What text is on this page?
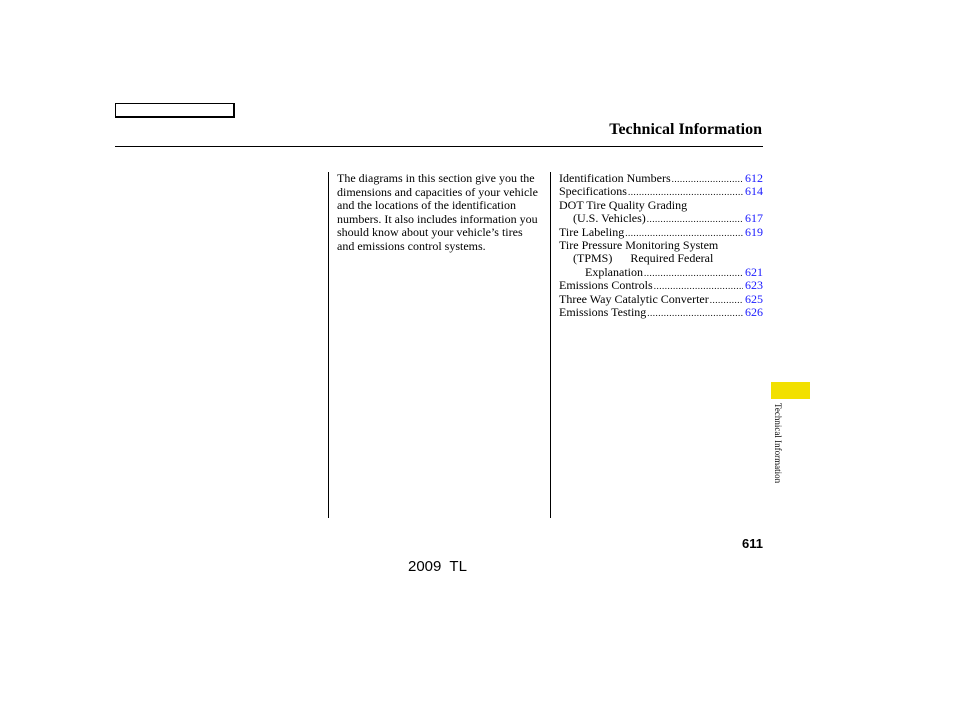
Technical Information

The diagrams in this section give you the dimensions and capacities of your vehicle and the locations of the identification numbers. It also includes information you should know about your vehicle’s tires and emissions control systems.

Identification Numbers .....	612
Specifications .....	614
DOT Tire Quality Grading
(U.S. Vehicles) .....	617
Tire Labeling .....	619
Tire Pressure Monitoring System
(TPMS) Required Federal
Explanation .....	621
Emissions Controls .....	623
Three Way Catalytic Converter .....	625
Emissions Testing .....	626
Technical Information
611
2009  TL
